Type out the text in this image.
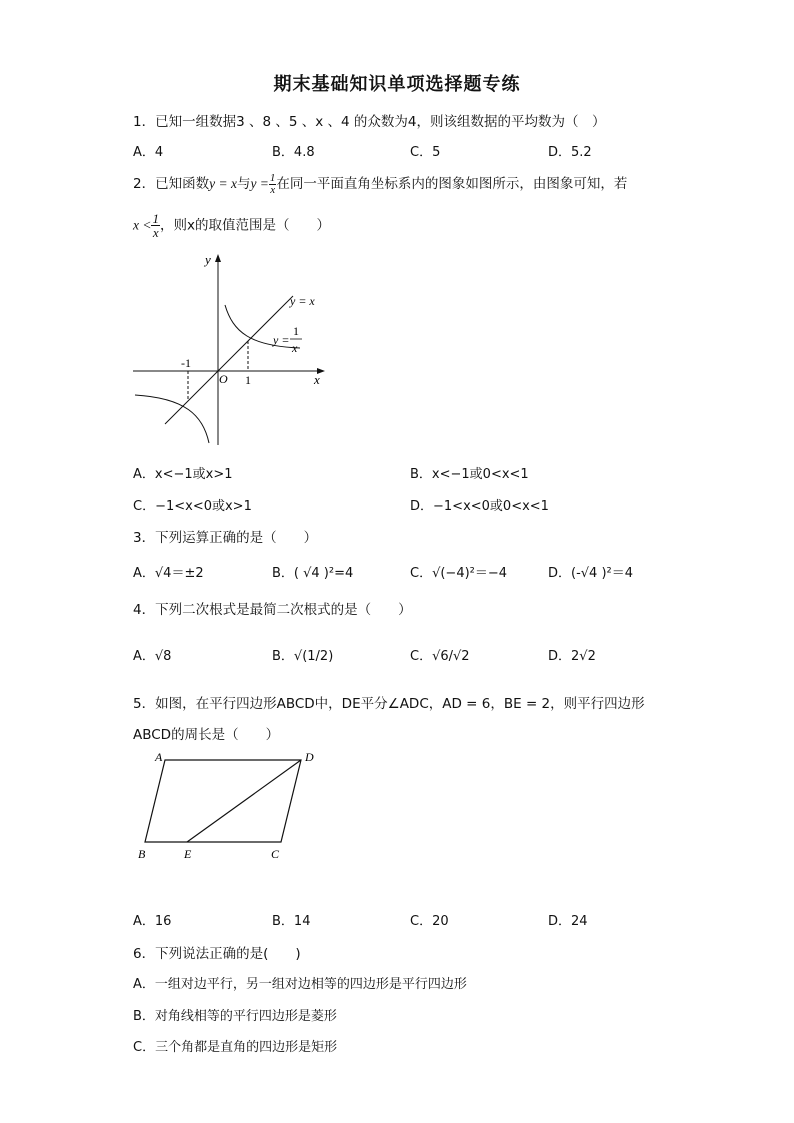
期末基础知识单项选择题专练
1．已知一组数据3 、8 、5 、x 、4 的众数为4，则该组数据的平均数为（　）
A．4	B．4.8	C．5	D．5.2
2．已知函数y = x与$y = \frac{1}{x}$ 在同一平面直角坐标系内的图象如图所示，由图象可知，若
$x < \frac{1}{x}$ ，则x的取值范围是（　　）
y
x
O
-1
1
y = x
y =
1
x
A．x<−1或x>1	B．x<−1或0<x<1
C．−1<x<0或x>1	D．−1<x<0或0<x<1
3．下列运算正确的是（　　）
A．√4＝±2	B．( √4 )²=4	C．√(−4)²＝−4	D．(-√4 )²＝4
4．下列二次根式是最简二次根式的是（　　）
A．√8	B．√(1/2)	C．√6/√2	D．2√2
5．如图，在平行四边形ABCD中，DE平分∠ADC，AD = 6，BE = 2，则平行四边形
ABCD的周长是（　　）
A	D
B	E	C
A．16	B．14	C．20	D．24
6．下列说法正确的是(　　)
A．一组对边平行，另一组对边相等的四边形是平行四边形
B．对角线相等的平行四边形是菱形
C．三个角都是直角的四边形是矩形
